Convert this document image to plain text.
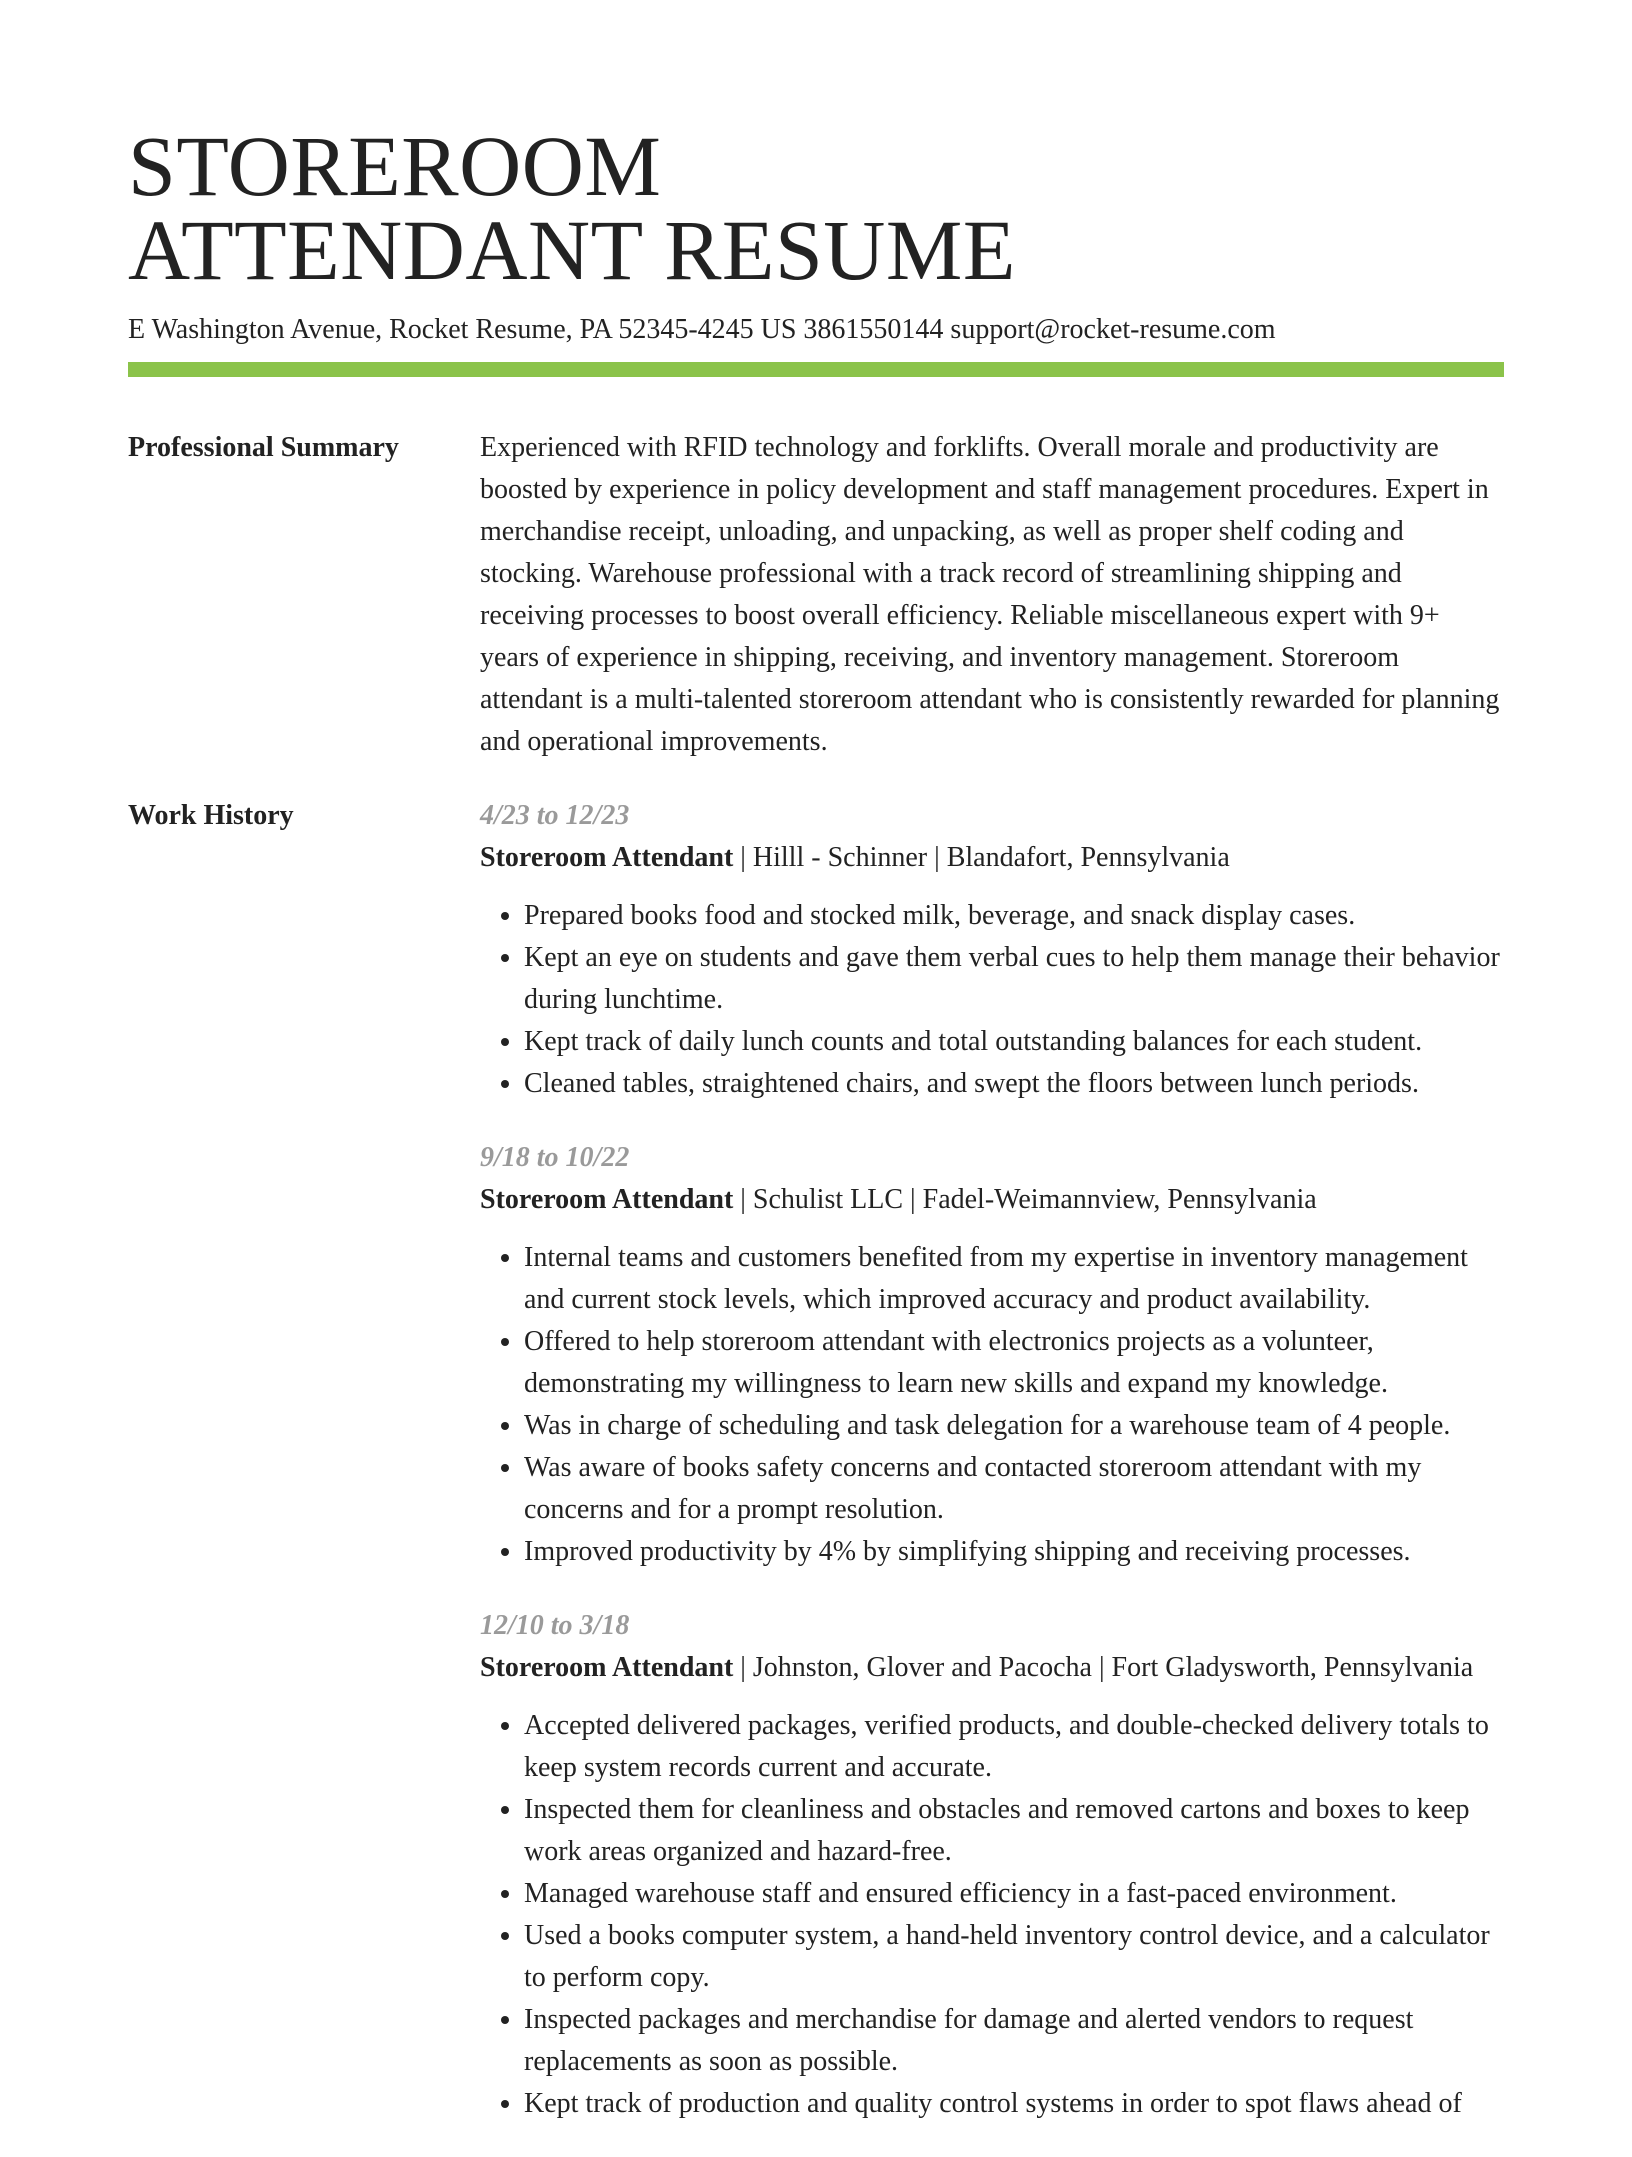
STOREROOM
ATTENDANT RESUME
E Washington Avenue, Rocket Resume, PA 52345-4245 US 3861550144 support@rocket-resume.com
Professional Summary	Experienced with RFID technology and forklifts. Overall morale and productivity are boosted by experience in policy development and staff management procedures. Expert in merchandise receipt, unloading, and unpacking, as well as proper shelf coding and stocking. Warehouse professional with a track record of streamlining shipping and receiving processes to boost overall efficiency. Reliable miscellaneous expert with 9+ years of experience in shipping, receiving, and inventory management. Storeroom attendant is a multi-talented storeroom attendant who is consistently rewarded for planning and operational improvements.

Work History	4/23 to 12/23
Storeroom Attendant | Hilll - Schinner | Blandafort, Pennsylvania
• Prepared books food and stocked milk, beverage, and snack display cases.
• Kept an eye on students and gave them verbal cues to help them manage their behavior during lunchtime.
• Kept track of daily lunch counts and total outstanding balances for each student.
• Cleaned tables, straightened chairs, and swept the floors between lunch periods.
9/18 to 10/22
Storeroom Attendant | Schulist LLC | Fadel-Weimannview, Pennsylvania
• Internal teams and customers benefited from my expertise in inventory management and current stock levels, which improved accuracy and product availability.
• Offered to help storeroom attendant with electronics projects as a volunteer, demonstrating my willingness to learn new skills and expand my knowledge.
• Was in charge of scheduling and task delegation for a warehouse team of 4 people.
• Was aware of books safety concerns and contacted storeroom attendant with my concerns and for a prompt resolution.
• Improved productivity by 4% by simplifying shipping and receiving processes.
12/10 to 3/18
Storeroom Attendant | Johnston, Glover and Pacocha | Fort Gladysworth, Pennsylvania
• Accepted delivered packages, verified products, and double-checked delivery totals to keep system records current and accurate.
• Inspected them for cleanliness and obstacles and removed cartons and boxes to keep work areas organized and hazard-free.
• Managed warehouse staff and ensured efficiency in a fast-paced environment.
• Used a books computer system, a hand-held inventory control device, and a calculator to perform copy.
• Inspected packages and merchandise for damage and alerted vendors to request replacements as soon as possible.
• Kept track of production and quality control systems in order to spot flaws ahead of
